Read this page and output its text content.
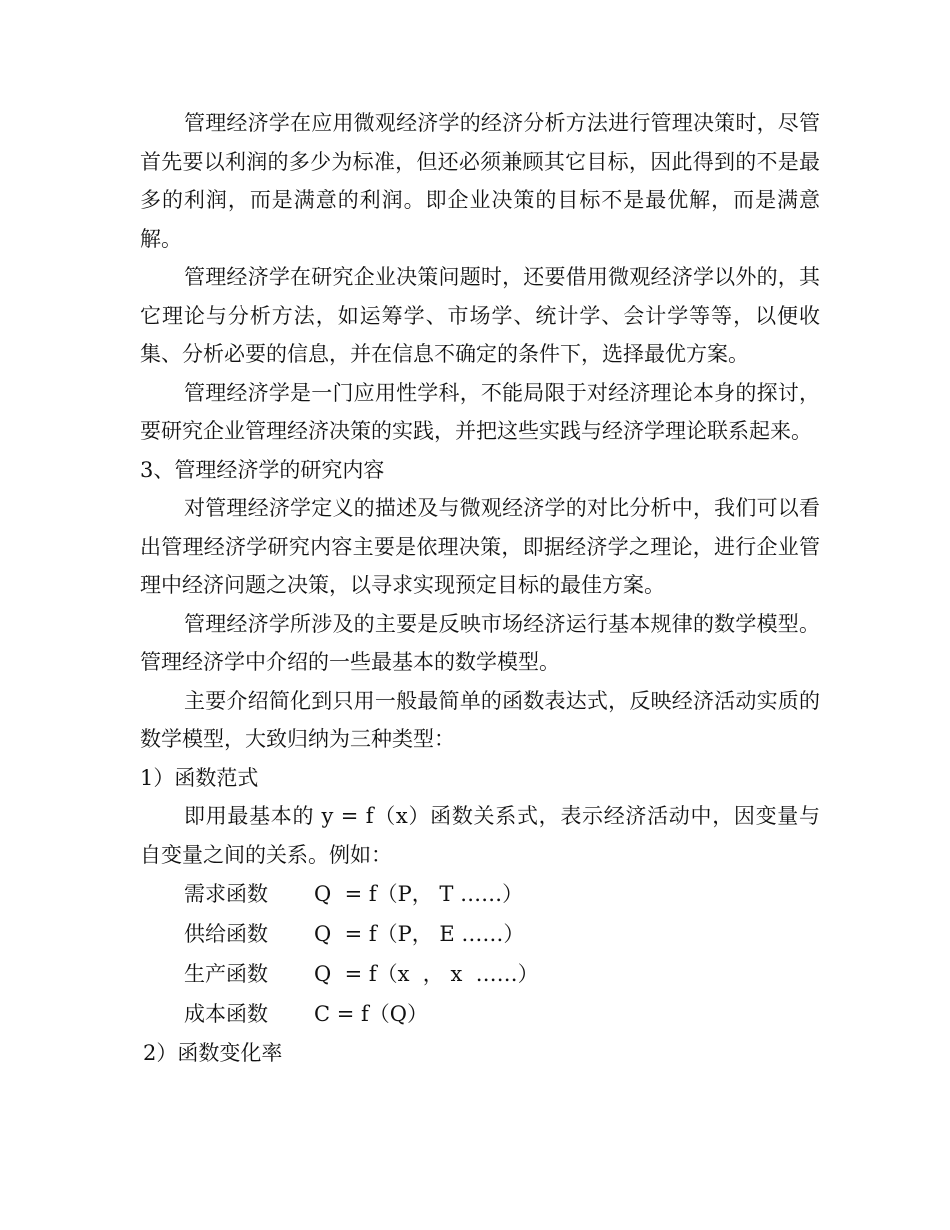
管理经济学在应用微观经济学的经济分析方法进行管理决策时，尽管首先要以利润的多少为标准，但还必须兼顾其它目标，因此得到的不是最多的利润，而是满意的利润。即企业决策的目标不是最优解，而是满意解。

管理经济学在研究企业决策问题时，还要借用微观经济学以外的，其它理论与分析方法，如运筹学、市场学、统计学、会计学等等，以便收集、分析必要的信息，并在信息不确定的条件下，选择最优方案。

管理经济学是一门应用性学科，不能局限于对经济理论本身的探讨，要研究企业管理经济决策的实践，并把这些实践与经济学理论联系起来。

3、管理经济学的研究内容

对管理经济学定义的描述及与微观经济学的对比分析中，我们可以看出管理经济学研究内容主要是依理决策，即据经济学之理论，进行企业管理中经济问题之决策，以寻求实现预定目标的最佳方案。

管理经济学所涉及的主要是反映市场经济运行基本规律的数学模型。管理经济学中介绍的一些最基本的数学模型。

主要介绍简化到只用一般最简单的函数表达式，反映经济活动实质的数学模型，大致归纳为三种类型：

1）函数范式

即用最基本的 y = f（x）函数关系式，表示经济活动中，因变量与自变量之间的关系。例如：

需求函数	Q  = f（P， T ……）
供给函数	Q  = f（P， E ……）
生产函数	Q  = f（x  ， x  ……）
成本函数	C = f（Q）

2）函数变化率
